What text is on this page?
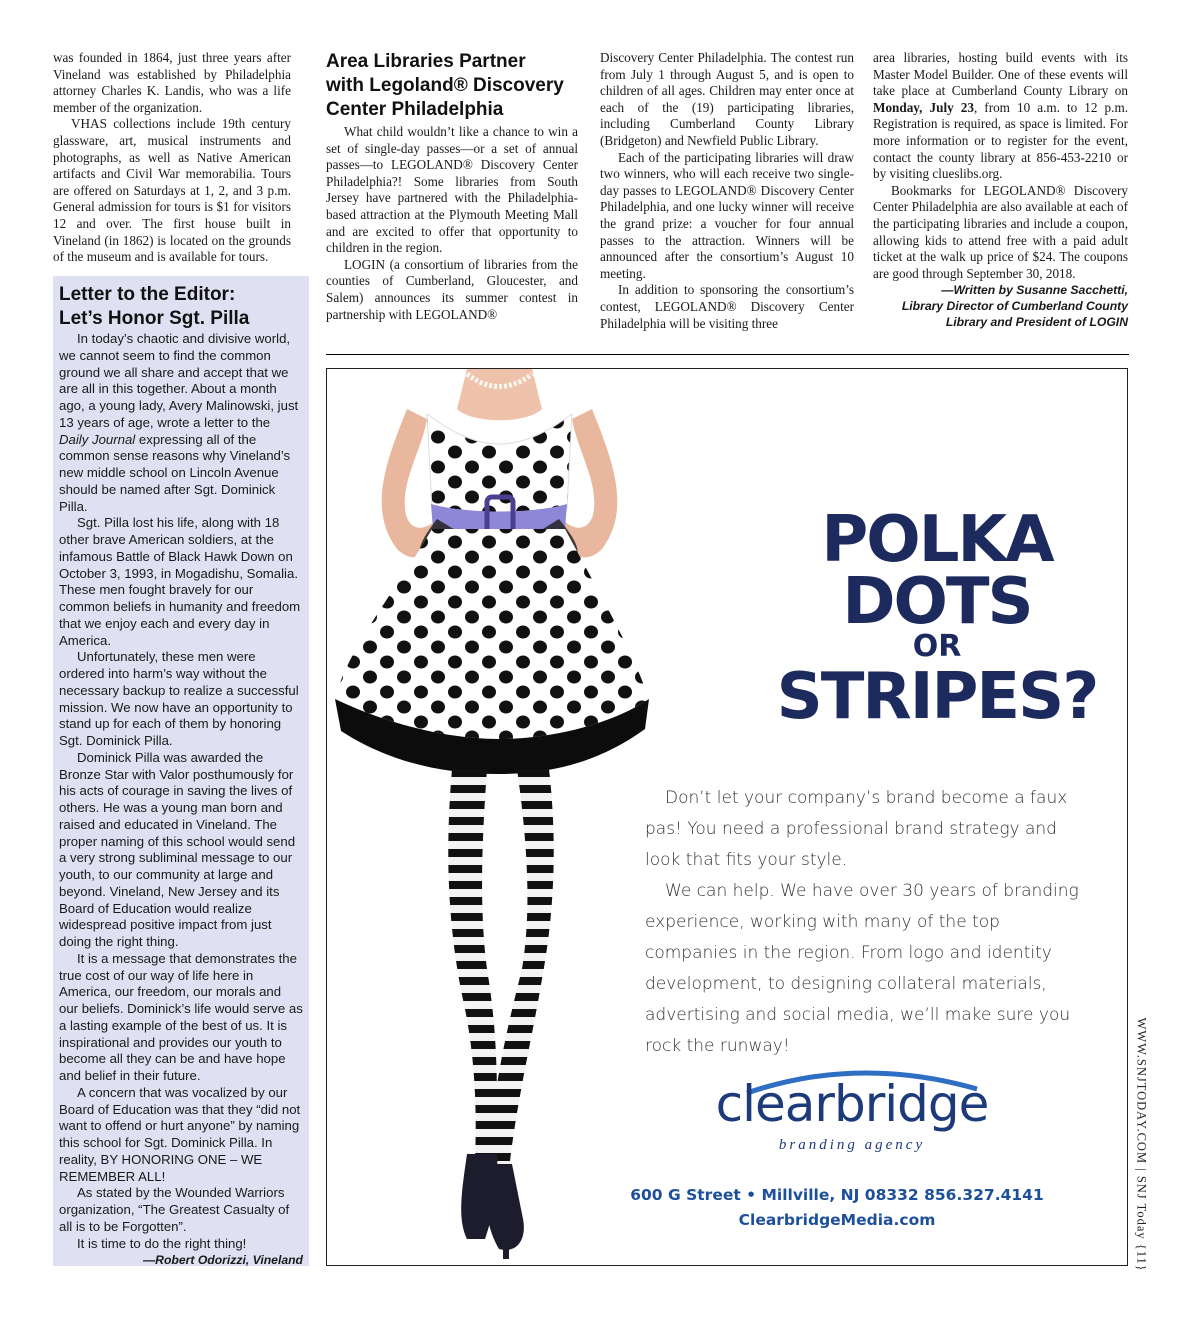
was founded in 1864, just three years after Vineland was established by Philadelphia attorney Charles K. Landis, who was a life member of the organization.

VHAS collections include 19th century glassware, art, musical instruments and photographs, as well as Native American artifacts and Civil War memorabilia. Tours are offered on Saturdays at 1, 2, and 3 p.m. General admission for tours is $1 for visitors 12 and over. The first house built in Vineland (in 1862) is located on the grounds of the museum and is available for tours.

Letter to the Editor:
Let’s Honor Sgt. Pilla

In today’s chaotic and divisive world, we cannot seem to find the common ground we all share and accept that we are all in this together. About a month ago, a young lady, Avery Malinowski, just 13 years of age, wrote a letter to the Daily Journal expressing all of the common sense reasons why Vineland’s new middle school on Lincoln Avenue should be named after Sgt. Dominick Pilla.

Sgt. Pilla lost his life, along with 18 other brave American soldiers, at the infamous Battle of Black Hawk Down on October 3, 1993, in Mogadishu, Somalia. These men fought bravely for our common beliefs in humanity and freedom that we enjoy each and every day in America.

Unfortunately, these men were ordered into harm’s way without the necessary backup to realize a successful mission. We now have an opportunity to stand up for each of them by honoring Sgt. Dominick Pilla.

Dominick Pilla was awarded the Bronze Star with Valor posthumously for his acts of courage in saving the lives of others. He was a young man born and raised and educated in Vineland. The proper naming of this school would send a very strong subliminal message to our youth, to our community at large and beyond. Vineland, New Jersey and its Board of Education would realize widespread positive impact from just doing the right thing.

It is a message that demonstrates the true cost of our way of life here in America, our freedom, our morals and our beliefs. Dominick’s life would serve as a lasting example of the best of us. It is inspirational and provides our youth to become all they can be and have hope and belief in their future.

A concern that was vocalized by our Board of Education was that they “did not want to offend or hurt anyone” by naming this school for Sgt. Dominick Pilla. In reality, BY HONORING ONE – WE REMEMBER ALL!

As stated by the Wounded Warriors organization, “The Greatest Casualty of all is to be Forgotten”.

It is time to do the right thing!

—Robert Odorizzi, Vineland
Area Libraries Partner
with Legoland® Discovery
Center Philadelphia

What child wouldn’t like a chance to win a set of single-day passes—or a set of annual passes—to LEGOLAND® Discovery Center Philadelphia?! Some libraries from South Jersey have partnered with the Philadelphia-based attraction at the Plymouth Meeting Mall and are excited to offer that opportunity to children in the region.

LOGIN (a consortium of libraries from the counties of Cumberland, Gloucester, and Salem) announces its summer contest in partnership with LEGOLAND®

Discovery Center Philadelphia. The contest run from July 1 through August 5, and is open to children of all ages. Children may enter once at each of the (19) participating libraries, including Cumberland County Library (Bridgeton) and Newfield Public Library.

Each of the participating libraries will draw two winners, who will each receive two single-day passes to LEGOLAND® Discovery Center Philadelphia, and one lucky winner will receive the grand prize: a voucher for four annual passes to the attraction. Winners will be announced after the consortium’s August 10 meeting.

In addition to sponsoring the consortium’s contest, LEGOLAND® Discovery Center Philadelphia will be visiting three

area libraries, hosting build events with its Master Model Builder. One of these events will take place at Cumberland County Library on Monday, July 23, from 10 a.m. to 12 p.m. Registration is required, as space is limited. For more information or to register for the event, contact the county library at 856-453-2210 or by visiting clueslibs.org.

Bookmarks for LEGOLAND® Discovery Center Philadelphia are also available at each of the participating libraries and include a coupon, allowing kids to attend free with a paid adult ticket at the walk up price of $24. The coupons are good through September 30, 2018.

—Written by Susanne Sacchetti,
Library Director of Cumberland County
Library and President of LOGIN
POLKA
DOTS
OR
STRIPES?

Don’t let your company’s brand become a faux pas! You need a professional brand strategy and look that fits your style.

We can help. We have over 30 years of branding experience, working with many of the top companies in the region. From logo and identity development, to designing collateral materials, advertising and social media, we’ll make sure you rock the runway!

clearbridge
branding agency
600 G Street • Millville, NJ 08332 856.327.4141
ClearbridgeMedia.com	WWW.SNJTODAY.COM | SNJ Today {11}
